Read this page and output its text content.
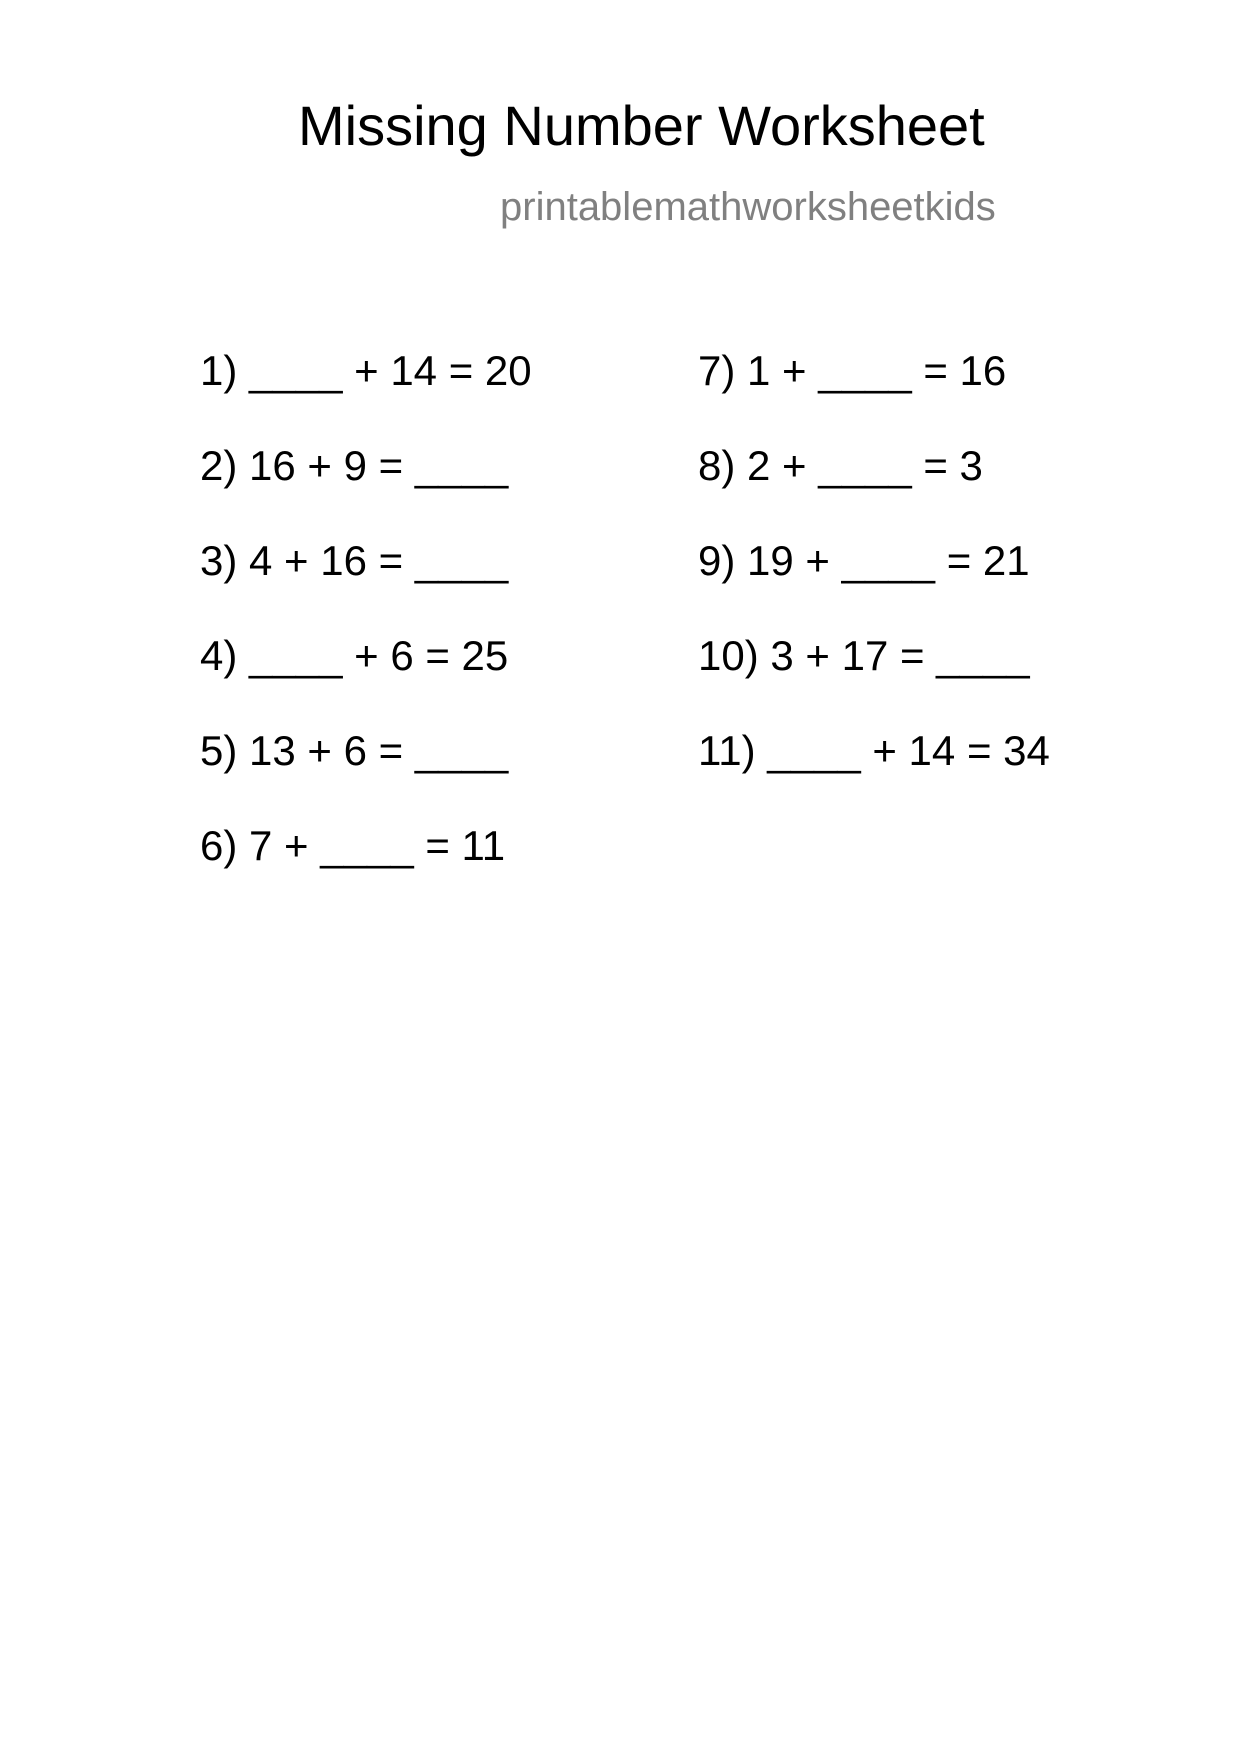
Missing Number Worksheet
printablemathworksheetkids
1) ____ + 14 = 20
2) 16 + 9 = ____
3) 4 + 16 = ____
4) ____ + 6 = 25
5) 13 + 6 = ____
6) 7 + ____ = 11
7) 1 + ____ = 16
8) 2 + ____ = 3
9) 19 + ____ = 21
10) 3 + 17 = ____
11) ____ + 14 = 34
